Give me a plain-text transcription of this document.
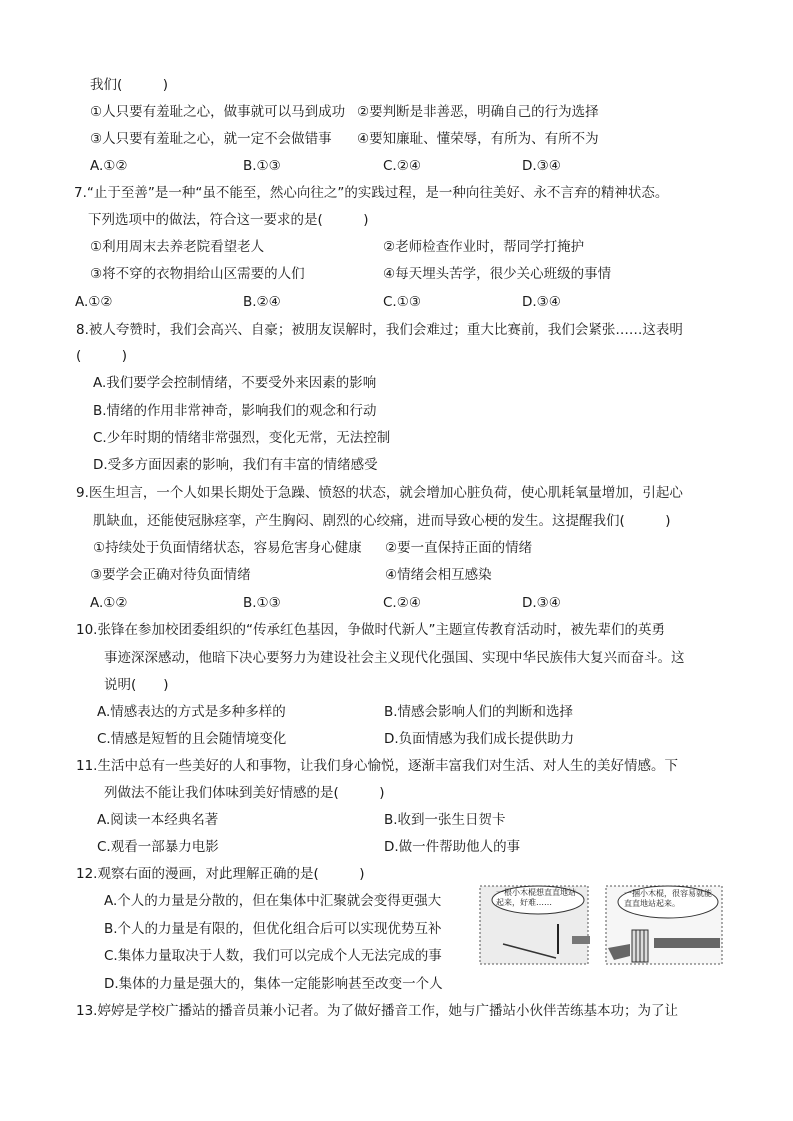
我们(　　　)
①人只要有羞耻之心，做事就可以马到成功 ②要判断是非善恶，明确自己的行为选择
③人只要有羞耻之心，就一定不会做错事 ④要知廉耻、懂荣辱，有所为、有所不为
A.①②	B.①③	C.②④	D.③④
7.“止于至善”是一种“虽不能至，然心向往之”的实践过程，是一种向往美好、永不言弃的精神状态。
下列选项中的做法，符合这一要求的是(　　　)
①利用周末去养老院看望老人	②老师检查作业时，帮同学打掩护
③将不穿的衣物捐给山区需要的人们	④每天埋头苦学，很少关心班级的事情
A.①②	B.②④	C.①③	D.③④
8.被人夸赞时，我们会高兴、自豪；被朋友误解时，我们会难过；重大比赛前，我们会紧张……这表明
(　　　)
A.我们要学会控制情绪，不要受外来因素的影响
B.情绪的作用非常神奇，影响我们的观念和行动
C.少年时期的情绪非常强烈，变化无常，无法控制
D.受多方面因素的影响，我们有丰富的情绪感受
9.医生坦言，一个人如果长期处于急躁、愤怒的状态，就会增加心脏负荷，使心肌耗氧量增加，引起心
肌缺血，还能使冠脉痉挛，产生胸闷、剧烈的心绞痛，进而导致心梗的发生。这提醒我们(　　　)
①持续处于负面情绪状态，容易危害身心健康 ②要一直保持正面的情绪
③要学会正确对待负面情绪	④情绪会相互感染
A.①②	B.①③	C.②④	D.③④
10.张锋在参加校团委组织的“传承红色基因，争做时代新人”主题宣传教育活动时，被先辈们的英勇
事迹深深感动，他暗下决心要努力为建设社会主义现代化强国、实现中华民族伟大复兴而奋斗。这
说明(　　)
A.情感表达的方式是多种多样的	B.情感会影响人们的判断和选择
C.情感是短暂的且会随情境变化	D.负面情感为我们成长提供助力
11.生活中总有一些美好的人和事物，让我们身心愉悦，逐渐丰富我们对生活、对人生的美好情感。下
列做法不能让我们体味到美好情感的是(　　　)
A.阅读一本经典名著	B.收到一张生日贺卡
C.观看一部暴力电影	D.做一件帮助他人的事
12.观察右面的漫画，对此理解正确的是(　　　)
A.个人的力量是分散的，但在集体中汇聚就会变得更强大
B.个人的力量是有限的，但优化组合后可以实现优势互补
C.集体力量取决于人数，我们可以完成个人无法完成的事
D.集体的力量是强大的，集体一定能影响甚至改变一个人
一根小木棍想直直地站起来，好难……
一捆小木棍，很容易就能直直地站起来。
13.婷婷是学校广播站的播音员兼小记者。为了做好播音工作，她与广播站小伙伴苦练基本功；为了让
